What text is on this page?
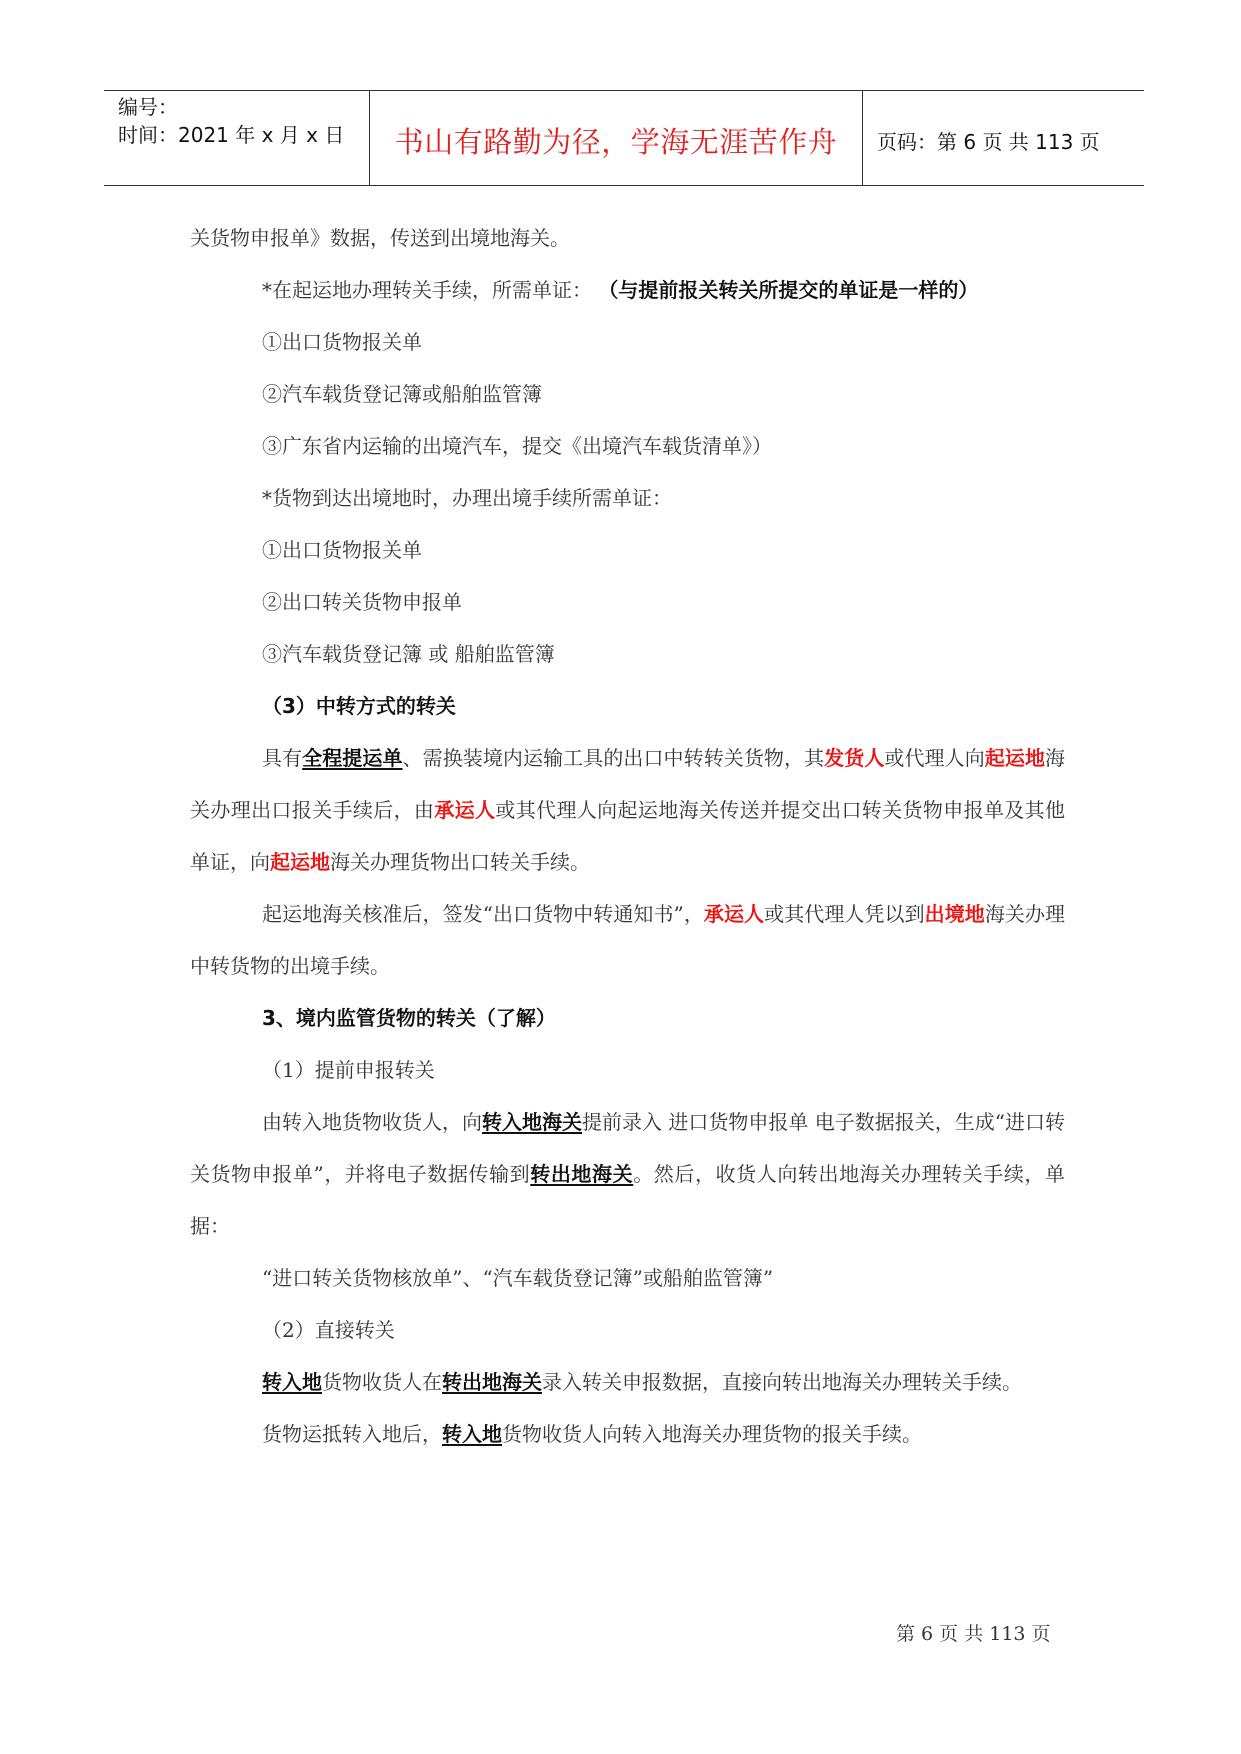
编号：
时间：2021 年 x 月 x 日	书山有路勤为径，学海无涯苦作舟	页码：第 6 页 共 113 页

关货物申报单》数据，传送到出境地海关。

*在起运地办理转关手续，所需单证： （与提前报关转关所提交的单证是一样的）

①出口货物报关单

②汽车载货登记簿或船舶监管簿

③广东省内运输的出境汽车，提交《出境汽车载货清单》）

*货物到达出境地时，办理出境手续所需单证：

①出口货物报关单

②出口转关货物申报单

③汽车载货登记簿 或 船舶监管簿

（3）中转方式的转关

具有全程提运单、需换装境内运输工具的出口中转转关货物，其发货人或代理人向起运地海关办理出口报关手续后，由承运人或其代理人向起运地海关传送并提交出口转关货物申报单及其他单证，向起运地海关办理货物出口转关手续。

起运地海关核准后，签发“出口货物中转通知书”，承运人或其代理人凭以到出境地海关办理中转货物的出境手续。

3、境内监管货物的转关（了解）

（1）提前申报转关

由转入地货物收货人，向转入地海关提前录入 进口货物申报单 电子数据报关，生成“进口转关货物申报单”，并将电子数据传输到转出地海关。然后，收货人向转出地海关办理转关手续，单据：

“进口转关货物核放单”、“汽车载货登记簿”或船舶监管簿”

（2）直接转关

转入地货物收货人在转出地海关录入转关申报数据，直接向转出地海关办理转关手续。

货物运抵转入地后，转入地货物收货人向转入地海关办理货物的报关手续。

第 6 页 共 113 页
